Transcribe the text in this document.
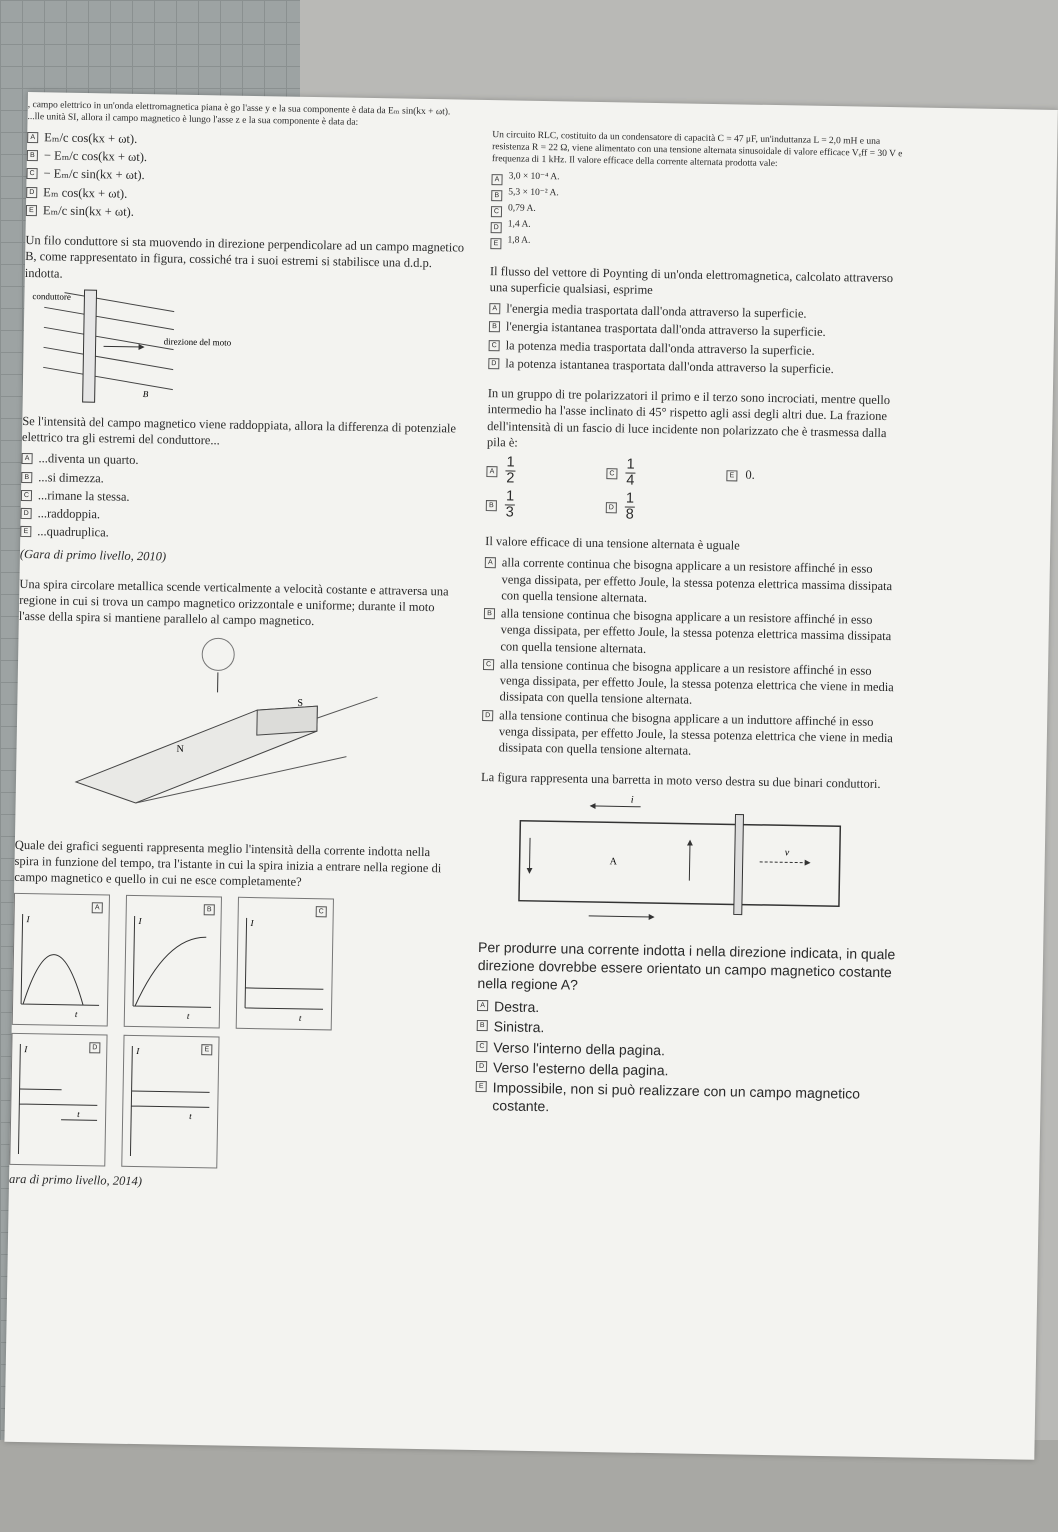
, campo elettrico in un'onda elettromagnetica piana è go l'asse y e la sua componente è data da Eₘ sin(kx + ωt). ...lle unità SI, allora il campo magnetico è lungo l'asse z e la sua componente è data da:

A Eₘ/c cos(kx + ωt).
B − Eₘ/c cos(kx + ωt).
C − Eₘ/c sin(kx + ωt).
D Eₘ cos(kx + ωt).
E Eₘ/c sin(kx + ωt).

Un filo conduttore si sta muovendo in direzione perpendicolare ad un campo magnetico B, come rappresentato in figura, cossiché tra i suoi estremi si stabilisce una d.d.p. indotta.

conduttore
direzione del moto
B

Se l'intensità del campo magnetico viene raddoppiata, allora la differenza di potenziale elettrico tra gli estremi del conduttore...

A ...diventa un quarto.
B ...si dimezza.
C ...rimane la stessa.
D ...raddoppia.
E ...quadruplica.

(Gara di primo livello, 2010)

Una spira circolare metallica scende verticalmente a velocità costante e attraversa una regione in cui si trova un campo magnetico orizzontale e uniforme; durante il moto l'asse della spira si mantiene parallelo al campo magnetico.

S
N

Quale dei grafici seguenti rappresenta meglio l'intensità della corrente indotta nella spira in funzione del tempo, tra l'istante in cui la spira inizia a entrare nella regione di campo magnetico e quello in cui ne esce completamente?

A
I
t
B
I
t
C
I
t
D
I
t
E
I
t

ara di primo livello, 2014)

Un circuito RLC, costituito da un condensatore di capacità C = 47 μF, un'induttanza L = 2,0 mH e una resistenza R = 22 Ω, viene alimentato con una tensione alternata sinusoidale di valore efficace Vₑff = 30 V e frequenza di 1 kHz. Il valore efficace della corrente alternata prodotta vale:

A 3,0 × 10⁻⁴ A.
B 5,3 × 10⁻² A.
C 0,79 A.
D 1,4 A.
E 1,8 A.

Il flusso del vettore di Poynting di un'onda elettromagnetica, calcolato attraverso una superficie qualsiasi, esprime

A l'energia media trasportata dall'onda attraverso la superficie.
B l'energia istantanea trasportata dall'onda attraverso la superficie.
C la potenza media trasportata dall'onda attraverso la superficie.
D la potenza istantanea trasportata dall'onda attraverso la superficie.

In un gruppo di tre polarizzatori il primo e il terzo sono incrociati, mentre quello intermedio ha l'asse inclinato di 45° rispetto agli assi degli altri due. La frazione dell'intensità di un fascio di luce incidente non polarizzato che è trasmessa dalla pila è:

A $\frac{1}{2}$	C $\frac{1}{4}$	E 0.
B $\frac{1}{3}$	D $\frac{1}{8}$

Il valore efficace di una tensione alternata è uguale

A alla corrente continua che bisogna applicare a un resistore affinché in esso venga dissipata, per effetto Joule, la stessa potenza elettrica massima dissipata con quella tensione alternata.
B alla tensione continua che bisogna applicare a un resistore affinché in esso venga dissipata, per effetto Joule, la stessa potenza elettrica massima dissipata con quella tensione alternata.
C alla tensione continua che bisogna applicare a un resistore affinché in esso venga dissipata, per effetto Joule, la stessa potenza elettrica che viene in media dissipata con quella tensione alternata.
D alla tensione continua che bisogna applicare a un induttore affinché in esso venga dissipata, per effetto Joule, la stessa potenza elettrica che viene in media dissipata con quella tensione alternata.

La figura rappresenta una barretta in moto verso destra su due binari conduttori.

i
A
v

Per produrre una corrente indotta i nella direzione indicata, in quale direzione dovrebbe essere orientato un campo magnetico costante nella regione A?

A Destra.
B Sinistra.
C Verso l'interno della pagina.
D Verso l'esterno della pagina.
E Impossibile, non si può realizzare con un campo magnetico costante.
